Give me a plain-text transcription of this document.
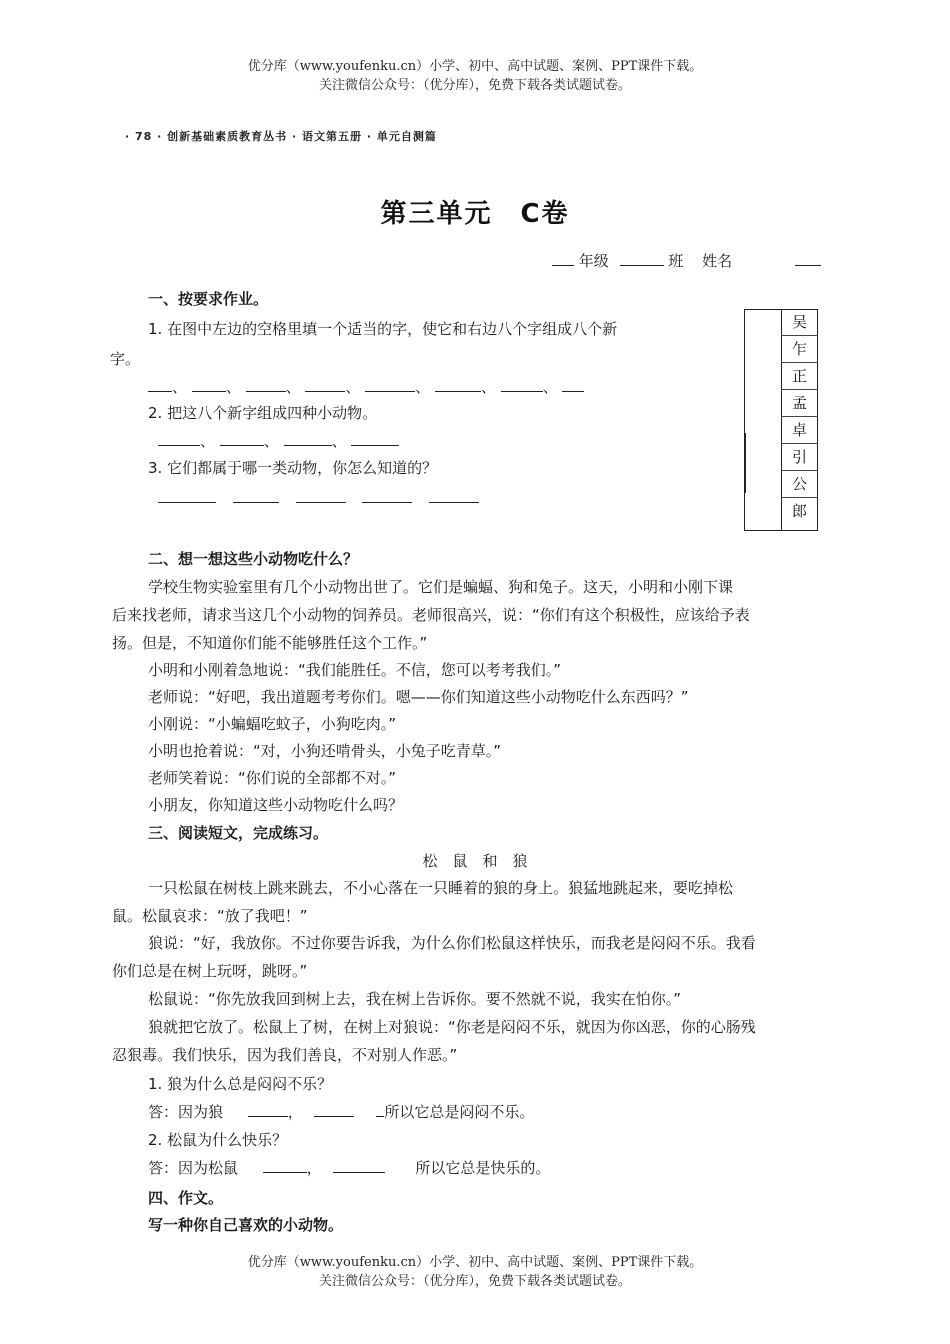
优分库（www.youfenku.cn）小学、初中、高中试题、案例、PPT课件下载。
关注微信公众号：（优分库），免费下载各类试题试卷。
· 78 · 创新基础素质教育丛书 · 语文第五册 · 单元自测篇
第三单元　C卷
年级	班 姓名
一、按要求作业。
1. 在图中左边的空格里填一个适当的字，使它和右边八个字组成八个新
字。
、 、	、	、	、	、	、
2. 把这八个新字组成四种小动物。
、	、	、
3. 它们都属于哪一类动物，你怎么知道的？

吴
乍
正
孟
卓
引
公
郎
二、想一想这些小动物吃什么？
学校生物实验室里有几个小动物出世了。它们是蝙蝠、狗和兔子。这天，小明和小刚下课
后来找老师，请求当这几个小动物的饲养员。老师很高兴，说：“你们有这个积极性，应该给予表
扬。但是，不知道你们能不能够胜任这个工作。”
小明和小刚着急地说：“我们能胜任。不信，您可以考考我们。”
老师说：“好吧，我出道题考考你们。嗯——你们知道这些小动物吃什么东西吗？”
小刚说：“小蝙蝠吃蚊子，小狗吃肉。”
小明也抢着说：“对，小狗还啃骨头，小兔子吃青草。”
老师笑着说：“你们说的全部都不对。”
小朋友，你知道这些小动物吃什么吗？
三、阅读短文，完成练习。
松　鼠　和　狼
一只松鼠在树枝上跳来跳去，不小心落在一只睡着的狼的身上。狼猛地跳起来，要吃掉松
鼠。松鼠哀求：“放了我吧！”
狼说：“好，我放你。不过你要告诉我，为什么你们松鼠这样快乐，而我老是闷闷不乐。我看
你们总是在树上玩呀，跳呀。”
松鼠说：“你先放我回到树上去，我在树上告诉你。要不然就不说，我实在怕你。”
狼就把它放了。松鼠上了树，在树上对狼说：“你老是闷闷不乐，就因为你凶恶，你的心肠残
忍狠毒。我们快乐，因为我们善良，不对别人作恶。”
1. 狼为什么总是闷闷不乐？
答：因为狼	，	所以它总是闷闷不乐。
2. 松鼠为什么快乐？
答：因为松鼠	，	所以它总是快乐的。
四、作文。
写一种你自己喜欢的小动物。
优分库（www.youfenku.cn）小学、初中、高中试题、案例、PPT课件下载。
关注微信公众号：（优分库），免费下载各类试题试卷。
